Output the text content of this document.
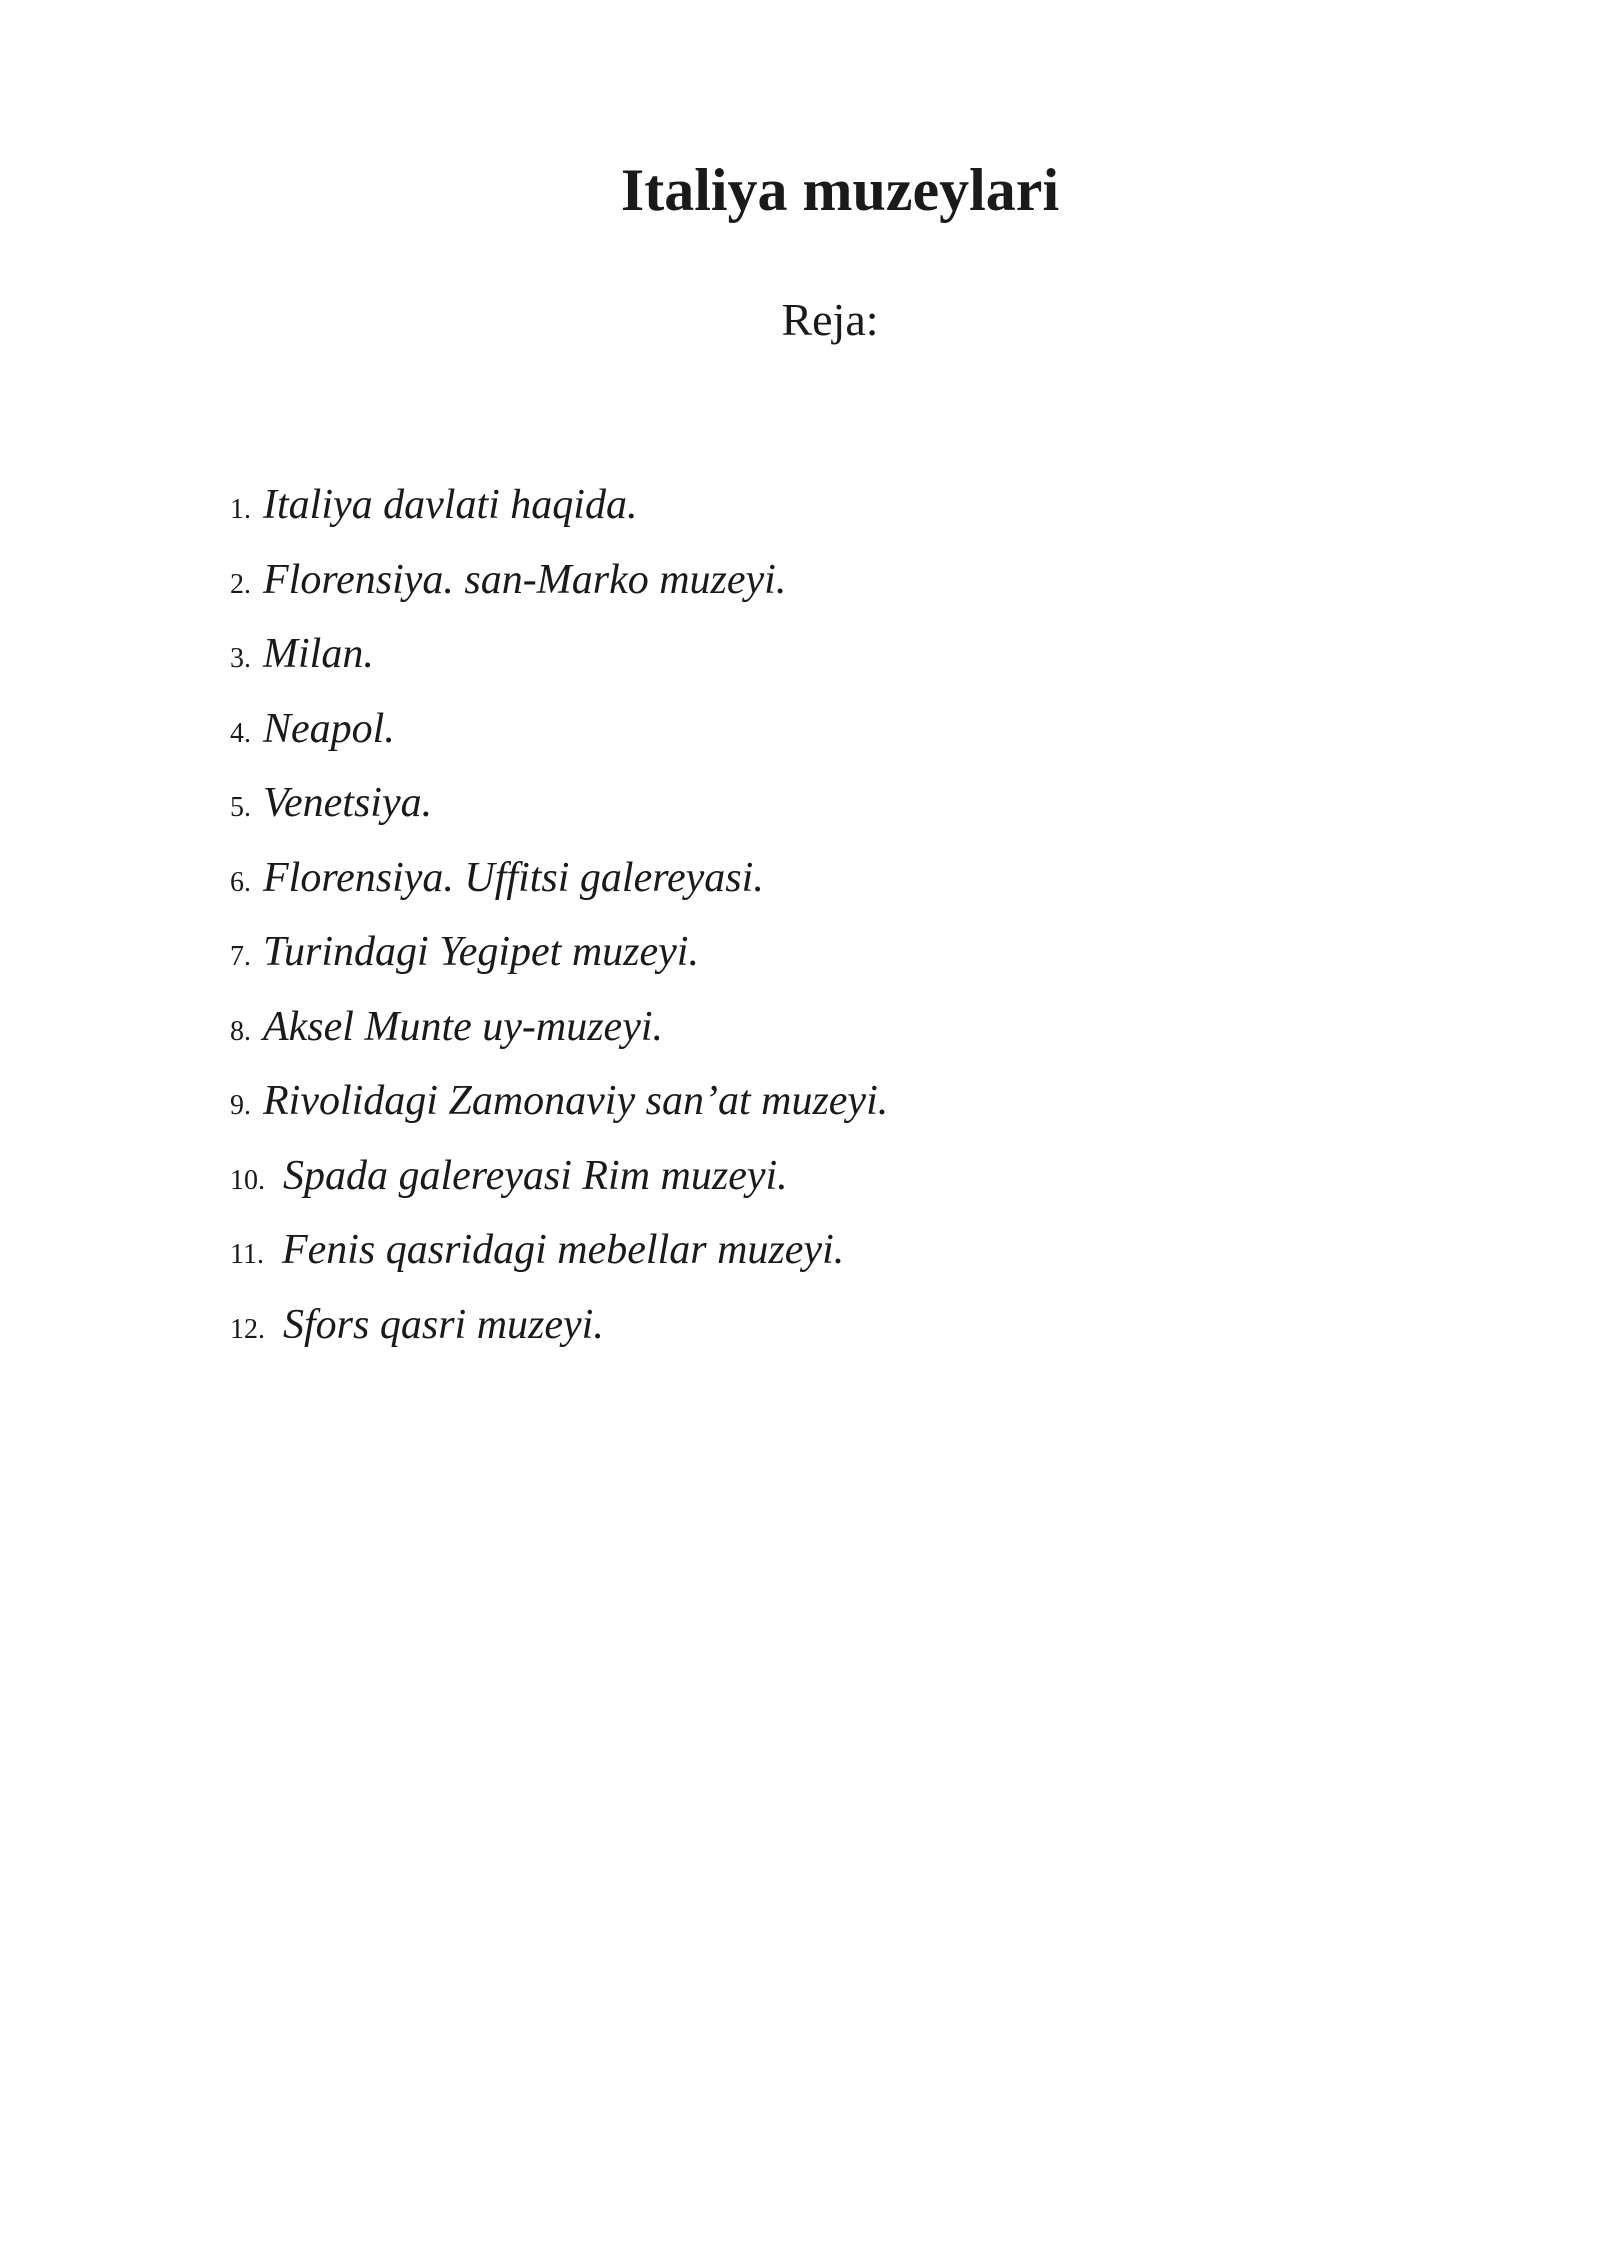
Italiya muzeylari
Reja:
1. Italiya davlati haqida.
2. Florensiya. san-Marko muzeyi.
3. Milan.
4. Neapol.
5. Venetsiya.
6. Florensiya. Uffitsi galereyasi.
7. Turindagi Yegipet muzeyi.
8. Aksel Munte uy-muzeyi.
9. Rivolidagi Zamonaviy san’at muzeyi.
10. Spada galereyasi Rim muzeyi.
11. Fenis qasridagi mebellar muzeyi.
12. Sfors qasri muzeyi.
